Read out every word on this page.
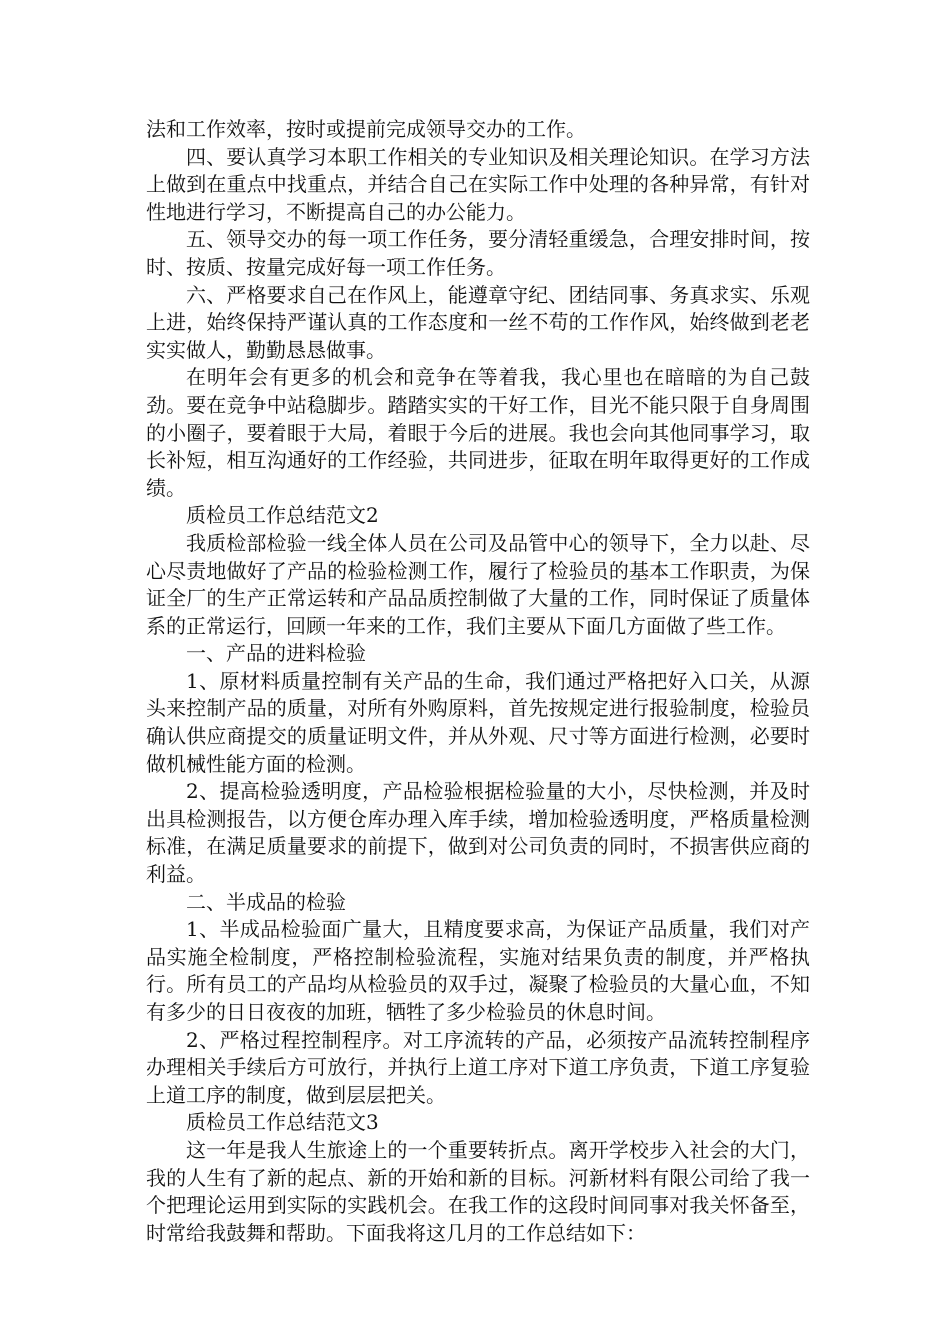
法和工作效率，按时或提前完成领导交办的工作。

四、要认真学习本职工作相关的专业知识及相关理论知识。在学习方法上做到在重点中找重点，并结合自己在实际工作中处理的各种异常，有针对性地进行学习，不断提高自己的办公能力。

五、领导交办的每一项工作任务，要分清轻重缓急，合理安排时间，按时、按质、按量完成好每一项工作任务。

六、严格要求自己在作风上，能遵章守纪、团结同事、务真求实、乐观上进，始终保持严谨认真的工作态度和一丝不苟的工作作风，始终做到老老实实做人，勤勤恳恳做事。

在明年会有更多的机会和竞争在等着我，我心里也在暗暗的为自己鼓劲。要在竞争中站稳脚步。踏踏实实的干好工作，目光不能只限于自身周围的小圈子，要着眼于大局，着眼于今后的进展。我也会向其他同事学习，取长补短，相互沟通好的工作经验，共同进步，征取在明年取得更好的工作成绩。

质检员工作总结范文2

我质检部检验一线全体人员在公司及品管中心的领导下，全力以赴、尽心尽责地做好了产品的检验检测工作，履行了检验员的基本工作职责，为保证全厂的生产正常运转和产品品质控制做了大量的工作，同时保证了质量体系的正常运行，回顾一年来的工作，我们主要从下面几方面做了些工作。

一、产品的进料检验

1、原材料质量控制有关产品的生命，我们通过严格把好入口关，从源头来控制产品的质量，对所有外购原料，首先按规定进行报验制度，检验员确认供应商提交的质量证明文件，并从外观、尺寸等方面进行检测，必要时做机械性能方面的检测。

2、提高检验透明度，产品检验根据检验量的大小，尽快检测，并及时出具检测报告，以方便仓库办理入库手续，增加检验透明度，严格质量检测标准，在满足质量要求的前提下，做到对公司负责的同时，不损害供应商的利益。

二、半成品的检验

1、半成品检验面广量大，且精度要求高，为保证产品质量，我们对产品实施全检制度，严格控制检验流程，实施对结果负责的制度，并严格执行。所有员工的产品均从检验员的双手过，凝聚了检验员的大量心血，不知有多少的日日夜夜的加班，牺牲了多少检验员的休息时间。

2、严格过程控制程序。对工序流转的产品，必须按产品流转控制程序办理相关手续后方可放行，并执行上道工序对下道工序负责，下道工序复验上道工序的制度，做到层层把关。

质检员工作总结范文3

这一年是我人生旅途上的一个重要转折点。离开学校步入社会的大门，我的人生有了新的起点、新的开始和新的目标。河新材料有限公司给了我一个把理论运用到实际的实践机会。在我工作的这段时间同事对我关怀备至，时常给我鼓舞和帮助。下面我将这几月的工作总结如下：
